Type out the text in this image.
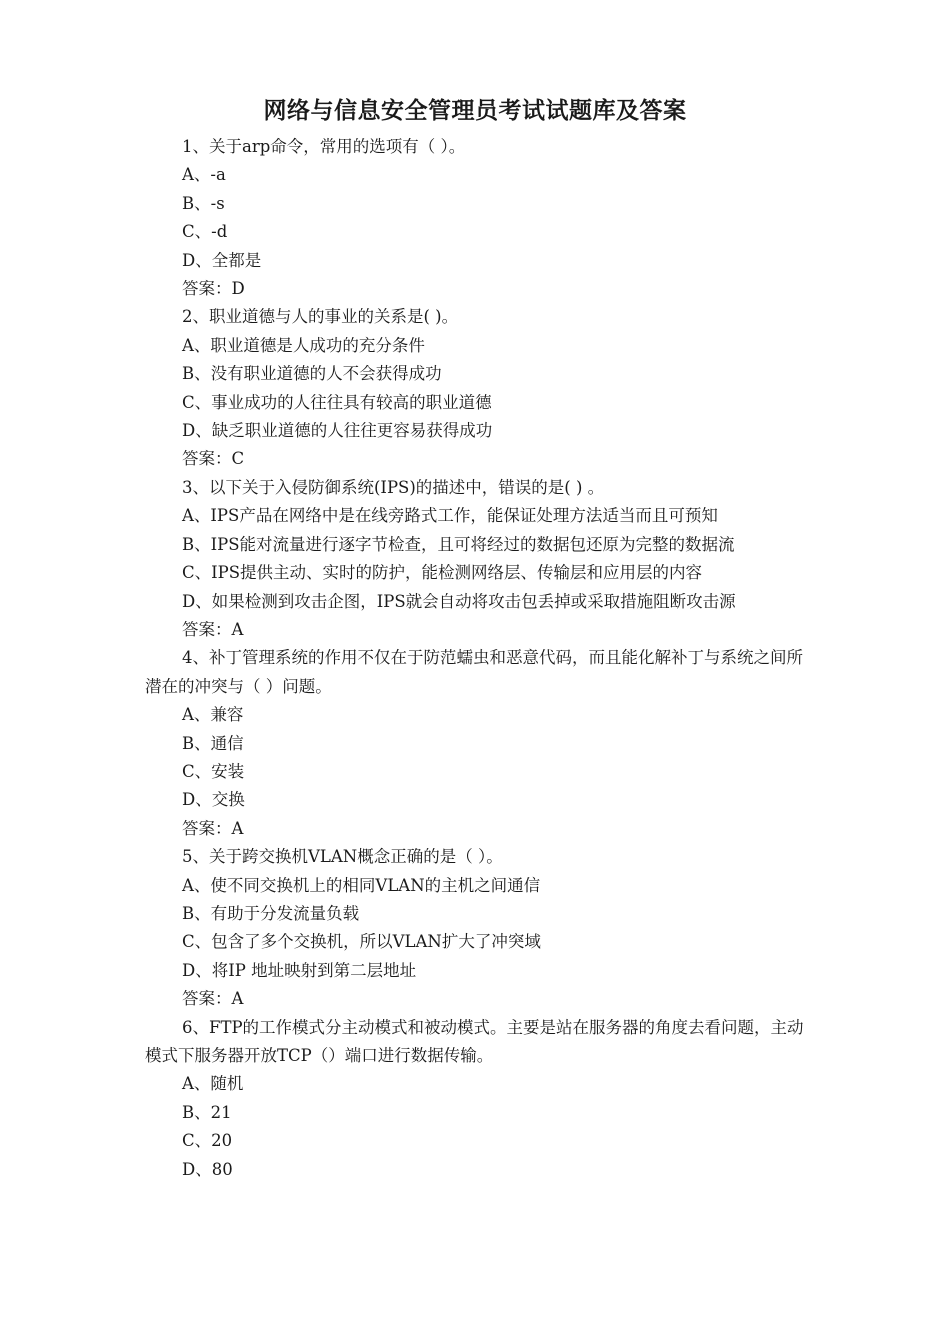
网络与信息安全管理员考试试题库及答案

1、关于arp命令，常用的选项有（ ）。

A、-a

B、-s

C、-d

D、全都是

答案：D

2、职业道德与人的事业的关系是( )。

A、职业道德是人成功的充分条件

B、没有职业道德的人不会获得成功

C、事业成功的人往往具有较高的职业道德

D、缺乏职业道德的人往往更容易获得成功

答案：C

3、以下关于入侵防御系统(IPS)的描述中，错误的是( ) 。

A、IPS产品在网络中是在线旁路式工作，能保证处理方法适当而且可预知

B、IPS能对流量进行逐字节检查，且可将经过的数据包还原为完整的数据流

C、IPS提供主动、实时的防护，能检测网络层、传输层和应用层的内容

D、如果检测到攻击企图，IPS就会自动将攻击包丢掉或采取措施阻断攻击源

答案：A

4、补丁管理系统的作用不仅在于防范蠕虫和恶意代码，而且能化解补丁与系统之间所潜在的冲突与（ ）问题。

A、兼容

B、通信

C、安装

D、交换

答案：A

5、关于跨交换机VLAN概念正确的是（ ）。

A、使不同交换机上的相同VLAN的主机之间通信

B、有助于分发流量负载

C、包含了多个交换机，所以VLAN扩大了冲突域

D、将IP 地址映射到第二层地址

答案：A

6、FTP的工作模式分主动模式和被动模式。主要是站在服务器的角度去看问题，主动模式下服务器开放TCP（）端口进行数据传输。

A、随机

B、21

C、20

D、80
